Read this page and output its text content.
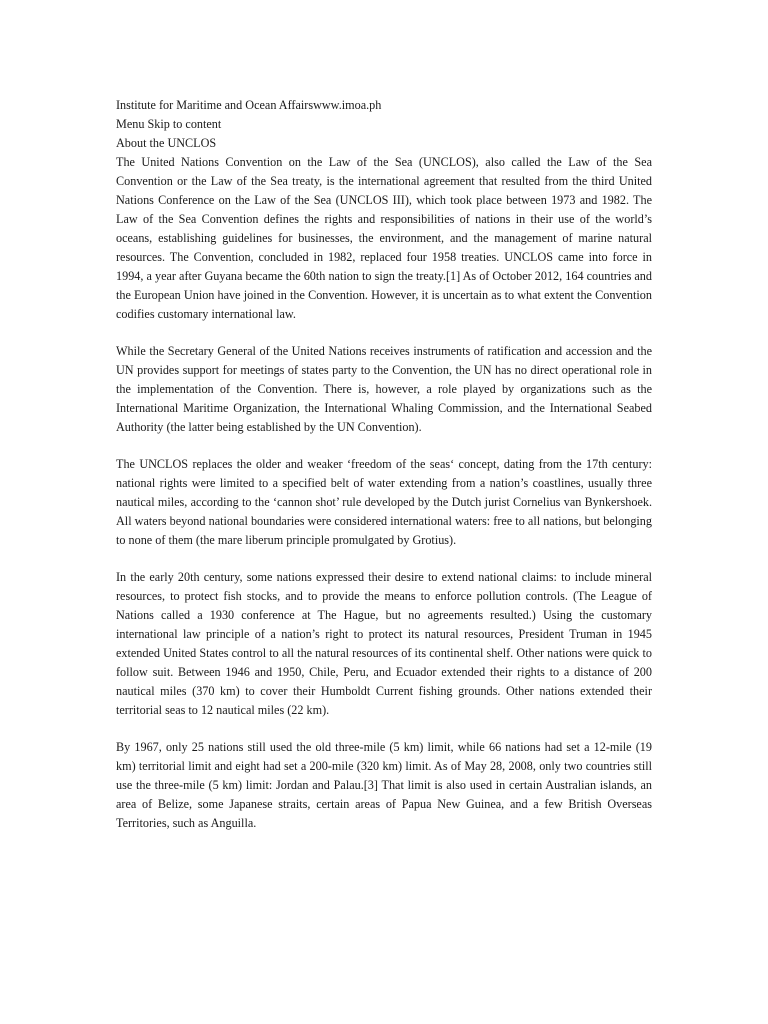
Institute for Maritime and Ocean Affairswww.imoa.ph
Menu Skip to content
About the UNCLOS

The United Nations Convention on the Law of the Sea (UNCLOS), also called the Law of the Sea Convention or the Law of the Sea treaty, is the international agreement that resulted from the third United Nations Conference on the Law of the Sea (UNCLOS III), which took place between 1973 and 1982. The Law of the Sea Convention defines the rights and responsibilities of nations in their use of the world’s oceans, establishing guidelines for businesses, the environment, and the management of marine natural resources. The Convention, concluded in 1982, replaced four 1958 treaties. UNCLOS came into force in 1994, a year after Guyana became the 60th nation to sign the treaty.[1] As of October 2012, 164 countries and the European Union have joined in the Convention. However, it is uncertain as to what extent the Convention codifies customary international law.

While the Secretary General of the United Nations receives instruments of ratification and accession and the UN provides support for meetings of states party to the Convention, the UN has no direct operational role in the implementation of the Convention. There is, however, a role played by organizations such as the International Maritime Organization, the International Whaling Commission, and the International Seabed Authority (the latter being established by the UN Convention).

The UNCLOS replaces the older and weaker ‘freedom of the seas‘ concept, dating from the 17th century: national rights were limited to a specified belt of water extending from a nation’s coastlines, usually three nautical miles, according to the ‘cannon shot’ rule developed by the Dutch jurist Cornelius van Bynkershoek. All waters beyond national boundaries were considered international waters: free to all nations, but belonging to none of them (the mare liberum principle promulgated by Grotius).

In the early 20th century, some nations expressed their desire to extend national claims: to include mineral resources, to protect fish stocks, and to provide the means to enforce pollution controls. (The League of Nations called a 1930 conference at The Hague, but no agreements resulted.) Using the customary international law principle of a nation’s right to protect its natural resources, President Truman in 1945 extended United States control to all the natural resources of its continental shelf. Other nations were quick to follow suit. Between 1946 and 1950, Chile, Peru, and Ecuador extended their rights to a distance of 200 nautical miles (370 km) to cover their Humboldt Current fishing grounds. Other nations extended their territorial seas to 12 nautical miles (22 km).

By 1967, only 25 nations still used the old three-mile (5 km) limit, while 66 nations had set a 12-mile (19 km) territorial limit and eight had set a 200-mile (320 km) limit. As of May 28, 2008, only two countries still use the three-mile (5 km) limit: Jordan and Palau.[3] That limit is also used in certain Australian islands, an area of Belize, some Japanese straits, certain areas of Papua New Guinea, and a few British Overseas Territories, such as Anguilla.
